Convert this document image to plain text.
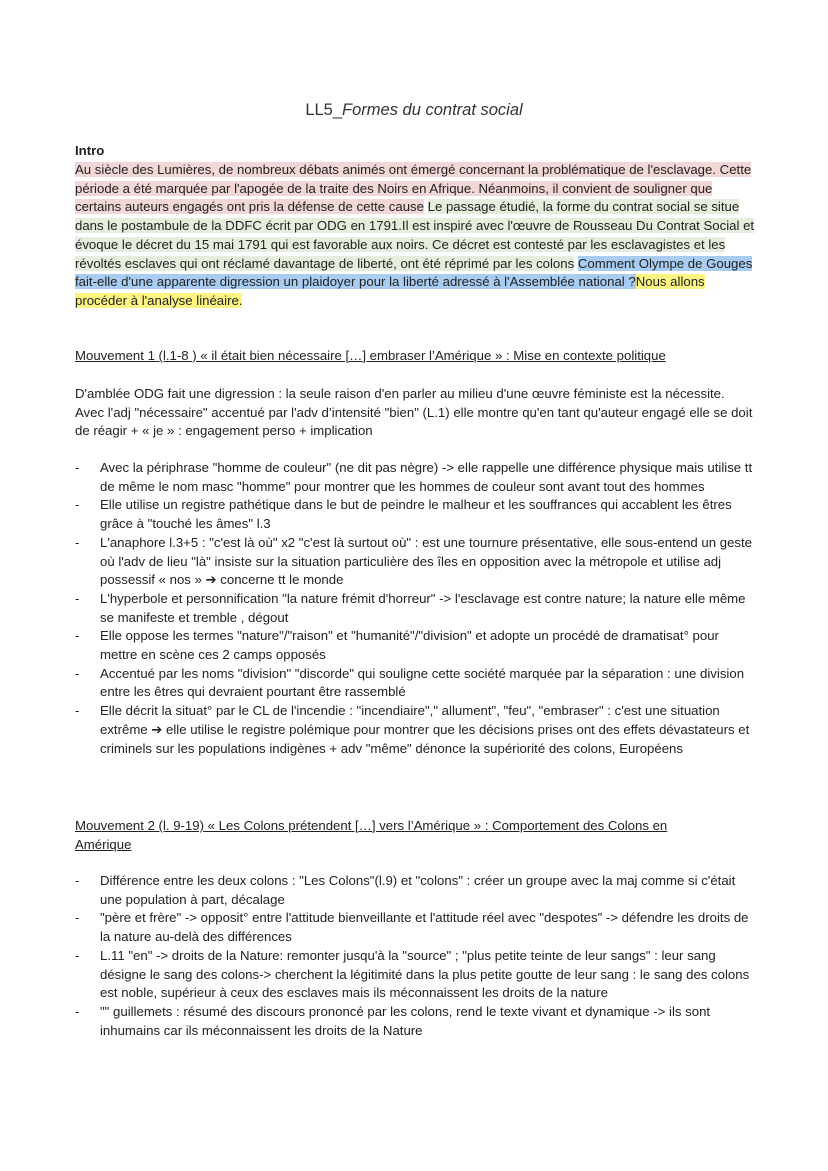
LL5_Formes du contrat social
Intro
Au siècle des Lumières, de nombreux débats animés ont émergé concernant la problématique de l'esclavage. Cette période a été marquée par l'apogée de la traite des Noirs en Afrique. Néanmoins, il convient de souligner que certains auteurs engagés ont pris la défense de cette cause Le passage étudié, la forme du contrat social se situe dans le postambule de la DDFC écrit par ODG en 1791.Il est inspiré avec l'œuvre de Rousseau Du Contrat Social et évoque le décret du 15 mai 1791 qui est favorable aux noirs. Ce décret est contesté par les esclavagistes et les révoltés esclaves qui ont réclamé davantage de liberté, ont été réprimé par les colons Comment Olympe de Gouges fait-elle d'une apparente digression un plaidoyer pour la liberté adressé à l'Assemblée national ?Nous allons procéder à l'analyse linéaire.
Mouvement 1 (l.1-8 ) « il était bien nécessaire […] embraser l’Amérique » : Mise en contexte politique
D'amblée ODG fait une digression : la seule raison d'en parler au milieu d'une œuvre féministe est la nécessite. Avec l'adj "nécessaire" accentué par l'adv d’intensité "bien" (L.1) elle montre qu'en tant qu'auteur engagé elle se doit de réagir + « je » : engagement perso + implication
- Avec la périphrase "homme de couleur" (ne dit pas nègre) -> elle rappelle une différence physique mais utilise tt de même le nom masc "homme" pour montrer que les hommes de couleur sont avant tout des hommes
- Elle utilise un registre pathétique dans le but de peindre le malheur et les souffrances qui accablent les êtres grâce à "touché les âmes" l.3
- L'anaphore l.3+5 : "c'est là où" x2 "c'est là surtout où" : est une tournure présentative, elle sous-entend un geste où l'adv de lieu "là" insiste sur la situation particulière des îles en opposition avec la métropole et utilise adj possessif « nos » ➔ concerne tt le monde
- L'hyperbole et personnification "la nature frémit d'horreur" -> l'esclavage est contre nature; la nature elle même se manifeste et tremble , dégout
- Elle oppose les termes "nature"/"raison" et "humanité"/"division" et adopte un procédé de dramatisat° pour mettre en scène ces 2 camps opposés
- Accentué par les noms "division" "discorde" qui souligne cette société marquée par la séparation : une division entre les êtres qui devraient pourtant être rassemblé
- Elle décrit la situat° par le CL de l'incendie : "incendiaire"," allument", "feu", "embraser" : c'est une situation extrême ➔ elle utilise le registre polémique pour montrer que les décisions prises ont des effets dévastateurs et criminels sur les populations indigènes + adv "même" dénonce la supériorité des colons, Européens
Mouvement 2 (l. 9-19) « Les Colons prétendent […] vers l’Amérique » : Comportement des Colons en Amérique
- Différence entre les deux colons : "Les Colons"(l.9) et "colons" : créer un groupe avec la maj comme si c'était une population à part, décalage
- "père et frère" -> opposit° entre l'attitude bienveillante et l'attitude réel avec "despotes" -> défendre les droits de la nature au-delà des différences
- L.11 "en" -> droits de la Nature: remonter jusqu'à la "source" ; "plus petite teinte de leur sangs" : leur sang désigne le sang des colons-> cherchent la légitimité dans la plus petite goutte de leur sang : le sang des colons est noble, supérieur à ceux des esclaves mais ils méconnaissent les droits de la nature
- "" guillemets : résumé des discours prononcé par les colons, rend le texte vivant et dynamique -> ils sont inhumains car ils méconnaissent les droits de la Nature
